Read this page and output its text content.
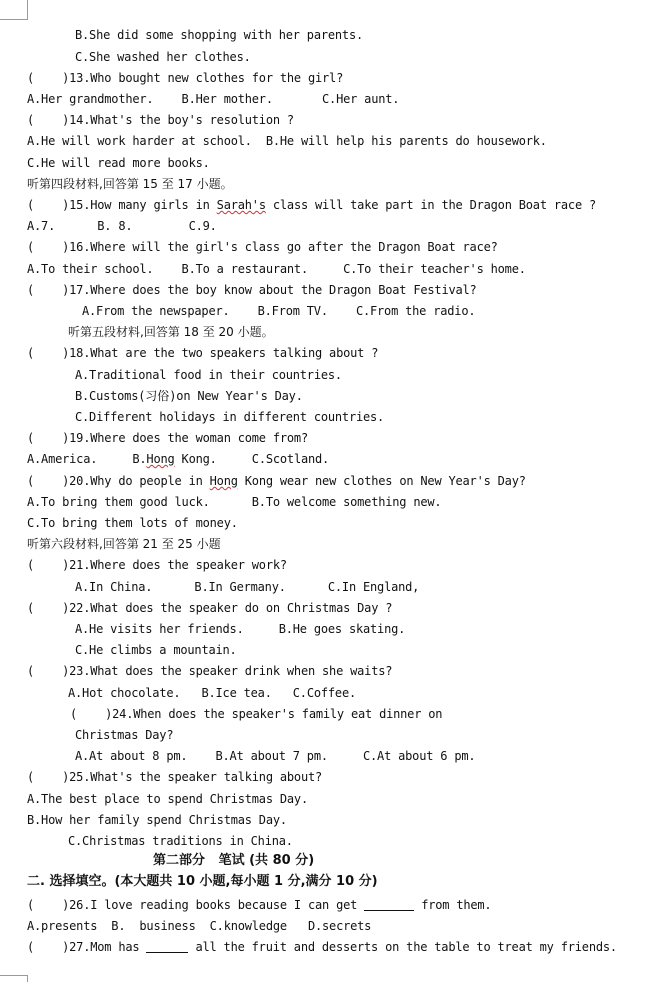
B.She did some shopping with her parents.
C.She washed her clothes.
(    )13.Who bought new clothes for the girl?
A.Her grandmother.    B.Her mother.       C.Her aunt.
(    )14.What's the boy's resolution ?
A.He will work harder at school.  B.He will help his parents do housework.
C.He will read more books.
听第四段材料,回答第 15 至 17 小题。
(    )15.How many girls in Sarah's class will take part in the Dragon Boat race ?
A.7.      B. 8.        C.9.
(    )16.Where will the girl's class go after the Dragon Boat race?
A.To their school.    B.To a restaurant.     C.To their teacher's home.
(    )17.Where does the boy know about the Dragon Boat Festival?
A.From the newspaper.    B.From TV.    C.From the radio.
听第五段材料,回答第 18 至 20 小题。
(    )18.What are the two speakers talking about ?
A.Traditional food in their countries.
B.Customs(习俗)on New Year's Day.
C.Different holidays in different countries.
(    )19.Where does the woman come from?
A.America.     B.Hong Kong.     C.Scotland.
(    )20.Why do people in Hong Kong wear new clothes on New Year's Day?
A.To bring them good luck.      B.To welcome something new.
C.To bring them lots of money.
听第六段材料,回答第 21 至 25 小题
(    )21.Where does the speaker work?
A.In China.      B.In Germany.      C.In England,
(    )22.What does the speaker do on Christmas Day ?
A.He visits her friends.     B.He goes skating.
C.He climbs a mountain.
(    )23.What does the speaker drink when she waits?
A.Hot chocolate.   B.Ice tea.   C.Coffee.
(    )24.When does the speaker's family eat dinner on
Christmas Day?
A.At about 8 pm.    B.At about 7 pm.     C.At about 6 pm.
(    )25.What's the speaker talking about?
A.The best place to spend Christmas Day.
B.How her family spend Christmas Day.
C.Christmas traditions in China.
第二部分   笔试 (共 80 分)
二. 选择填空。(本大题共 10 小题,每小题 1 分,满分 10 分)
(    )26.I love reading books because I can get	from them.
A.presents  B.  business  C.knowledge   D.secrets
(    )27.Mom has	all the fruit and desserts on the table to treat my friends.
